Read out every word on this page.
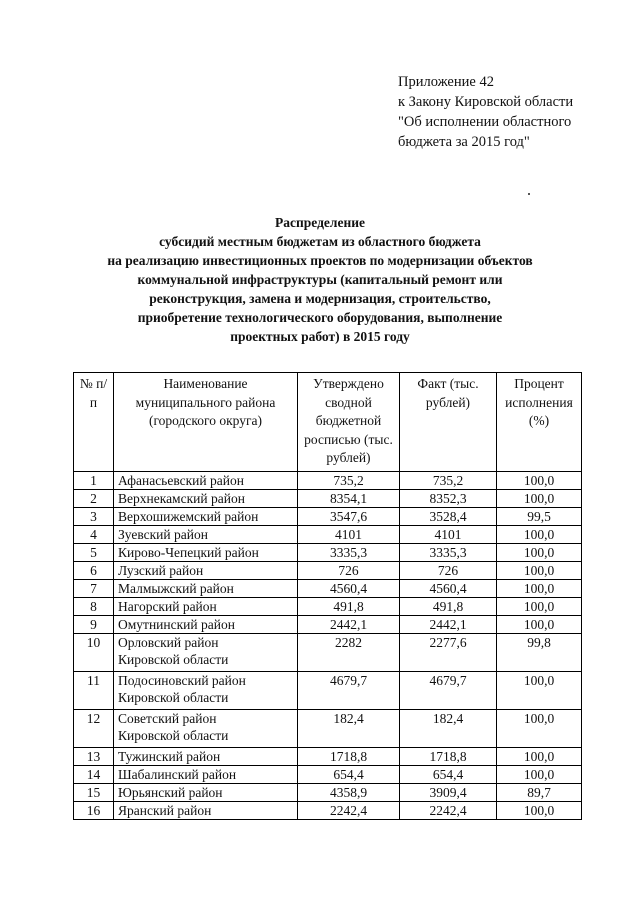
Приложение 42
к Закону Кировской области
"Об исполнении областного
бюджета за 2015 год"
Распределение
субсидий местным бюджетам из областного бюджета
на реализацию инвестиционных проектов по модернизации объектов
коммунальной инфраструктуры (капитальный ремонт или
реконструкция, замена и модернизация, строительство,
приобретение технологического оборудования, выполнение
проектных работ) в 2015 году
№ п/п	Наименование муниципального района (городского округа)	Утверждено сводной бюджетной росписью (тыс. рублей)	Факт (тыс. рублей)	Процент исполнения (%)
1	Афанасьевский район	735,2	735,2	100,0
2	Верхнекамский район	8354,1	8352,3	100,0
3	Верхошижемский район	3547,6	3528,4	99,5
4	Зуевский район	4101	4101	100,0
5	Кирово-Чепецкий район	3335,3	3335,3	100,0
6	Лузский район	726	726	100,0
7	Малмыжский район	4560,4	4560,4	100,0
8	Нагорский район	491,8	491,8	100,0
9	Омутнинский район	2442,1	2442,1	100,0
10	Орловский район
Кировской области	2282	2277,6	99,8
11	Подосиновский район
Кировской области	4679,7	4679,7	100,0
12	Советский район
Кировской области	182,4	182,4	100,0
13	Тужинский район	1718,8	1718,8	100,0
14	Шабалинский район	654,4	654,4	100,0
15	Юрьянский район	4358,9	3909,4	89,7
16	Яранский район	2242,4	2242,4	100,0
